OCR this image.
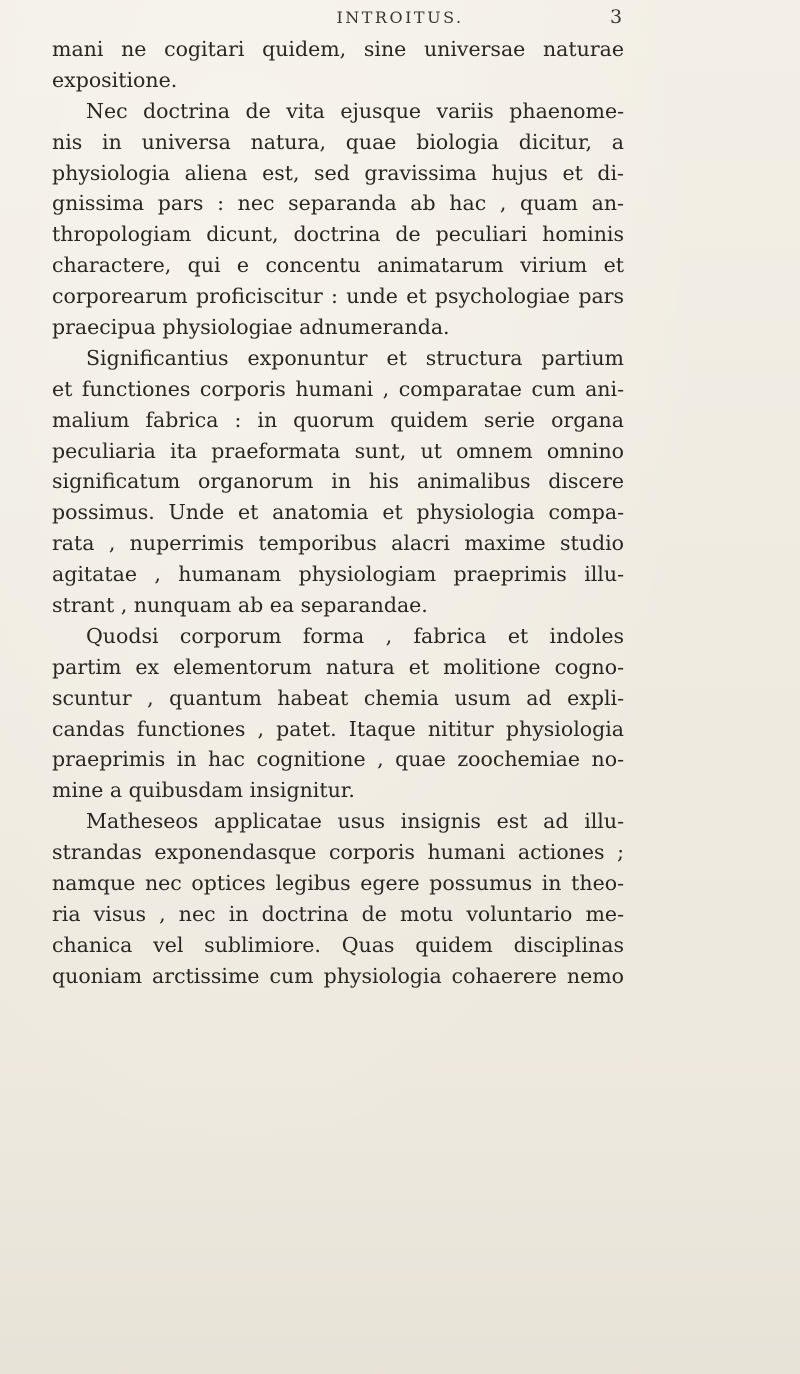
INTROITUS.	3
mani ne cogitari quidem, sine universae naturae
expositione.
Nec doctrina de vita ejusque variis phaenome-
nis in universa natura, quae biologia dicitur, a
physiologia aliena est, sed gravissima hujus et di-
gnissima pars : nec separanda ab hac , quam an-
thropologiam dicunt, doctrina de peculiari hominis
charactere, qui e concentu animatarum virium et
corporearum proficiscitur : unde et psychologiae pars
praecipua physiologiae adnumeranda.
Significantius exponuntur et structura partium
et functiones corporis humani , comparatae cum ani-
malium fabrica : in quorum quidem serie organa
peculiaria ita praeformata sunt, ut omnem omnino
significatum organorum in his animalibus discere
possimus. Unde et anatomia et physiologia compa-
rata , nuperrimis temporibus alacri maxime studio
agitatae , humanam physiologiam praeprimis illu-
strant , nunquam ab ea separandae.
Quodsi corporum forma , fabrica et indoles
partim ex elementorum natura et molitione cogno-
scuntur , quantum habeat chemia usum ad expli-
candas functiones , patet. Itaque nititur physiologia
praeprimis in hac cognitione , quae zoochemiae no-
mine a quibusdam insignitur.
Matheseos applicatae usus insignis est ad illu-
strandas exponendasque corporis humani actiones ;
namque nec optices legibus egere possumus in theo-
ria visus , nec in doctrina de motu voluntario me-
chanica vel sublimiore. Quas quidem disciplinas
quoniam arctissime cum physiologia cohaerere nemo
